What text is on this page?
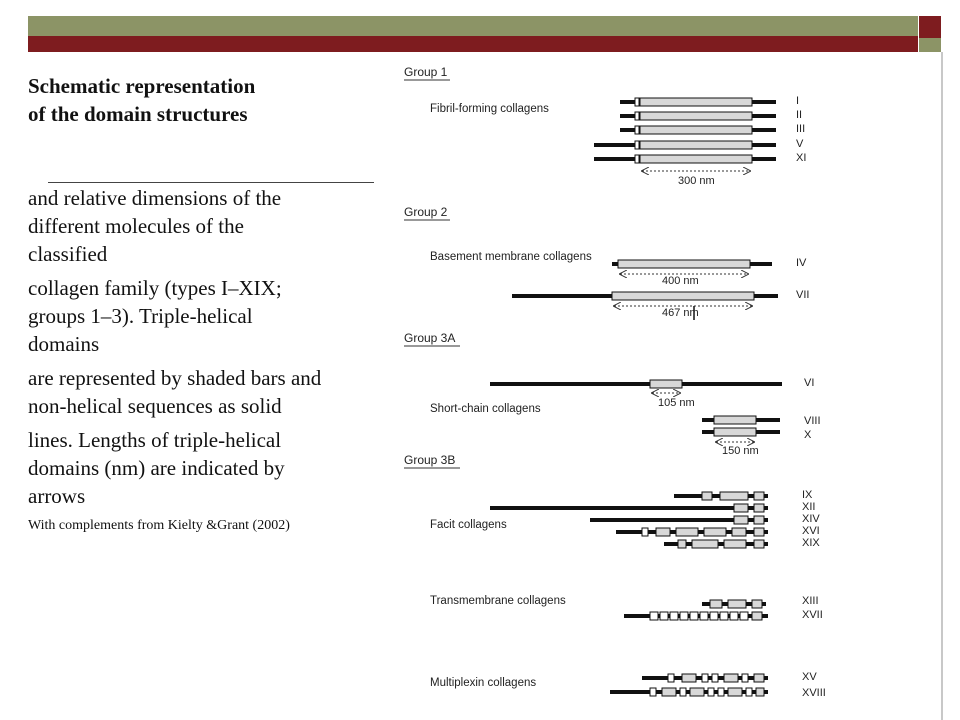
Schematic representation
of the domain structures

and relative dimensions of the different molecules of the classified

collagen family (types I–XIX; groups 1–3). Triple-helical domains

are represented by shaded bars and non-helical sequences as solid

lines. Lengths of triple-helical domains (nm) are indicated by arrows

With complements from Kielty &Grant (2002)

Group 1
Group 2
Group 3A
Group 3B
Fibril-forming collagens
Basement membrane collagens
Short-chain collagens
Facit collagens
Transmembrane collagens
Multiplexin collagens
300 nm
I
II
III
V
XI
400 nm
IV
467 nm
VII
105 nm
VI
150 nm
VIII
X
IX
XII
XIV
XVI
XIX
XIII
XVII
XV
XVIII
